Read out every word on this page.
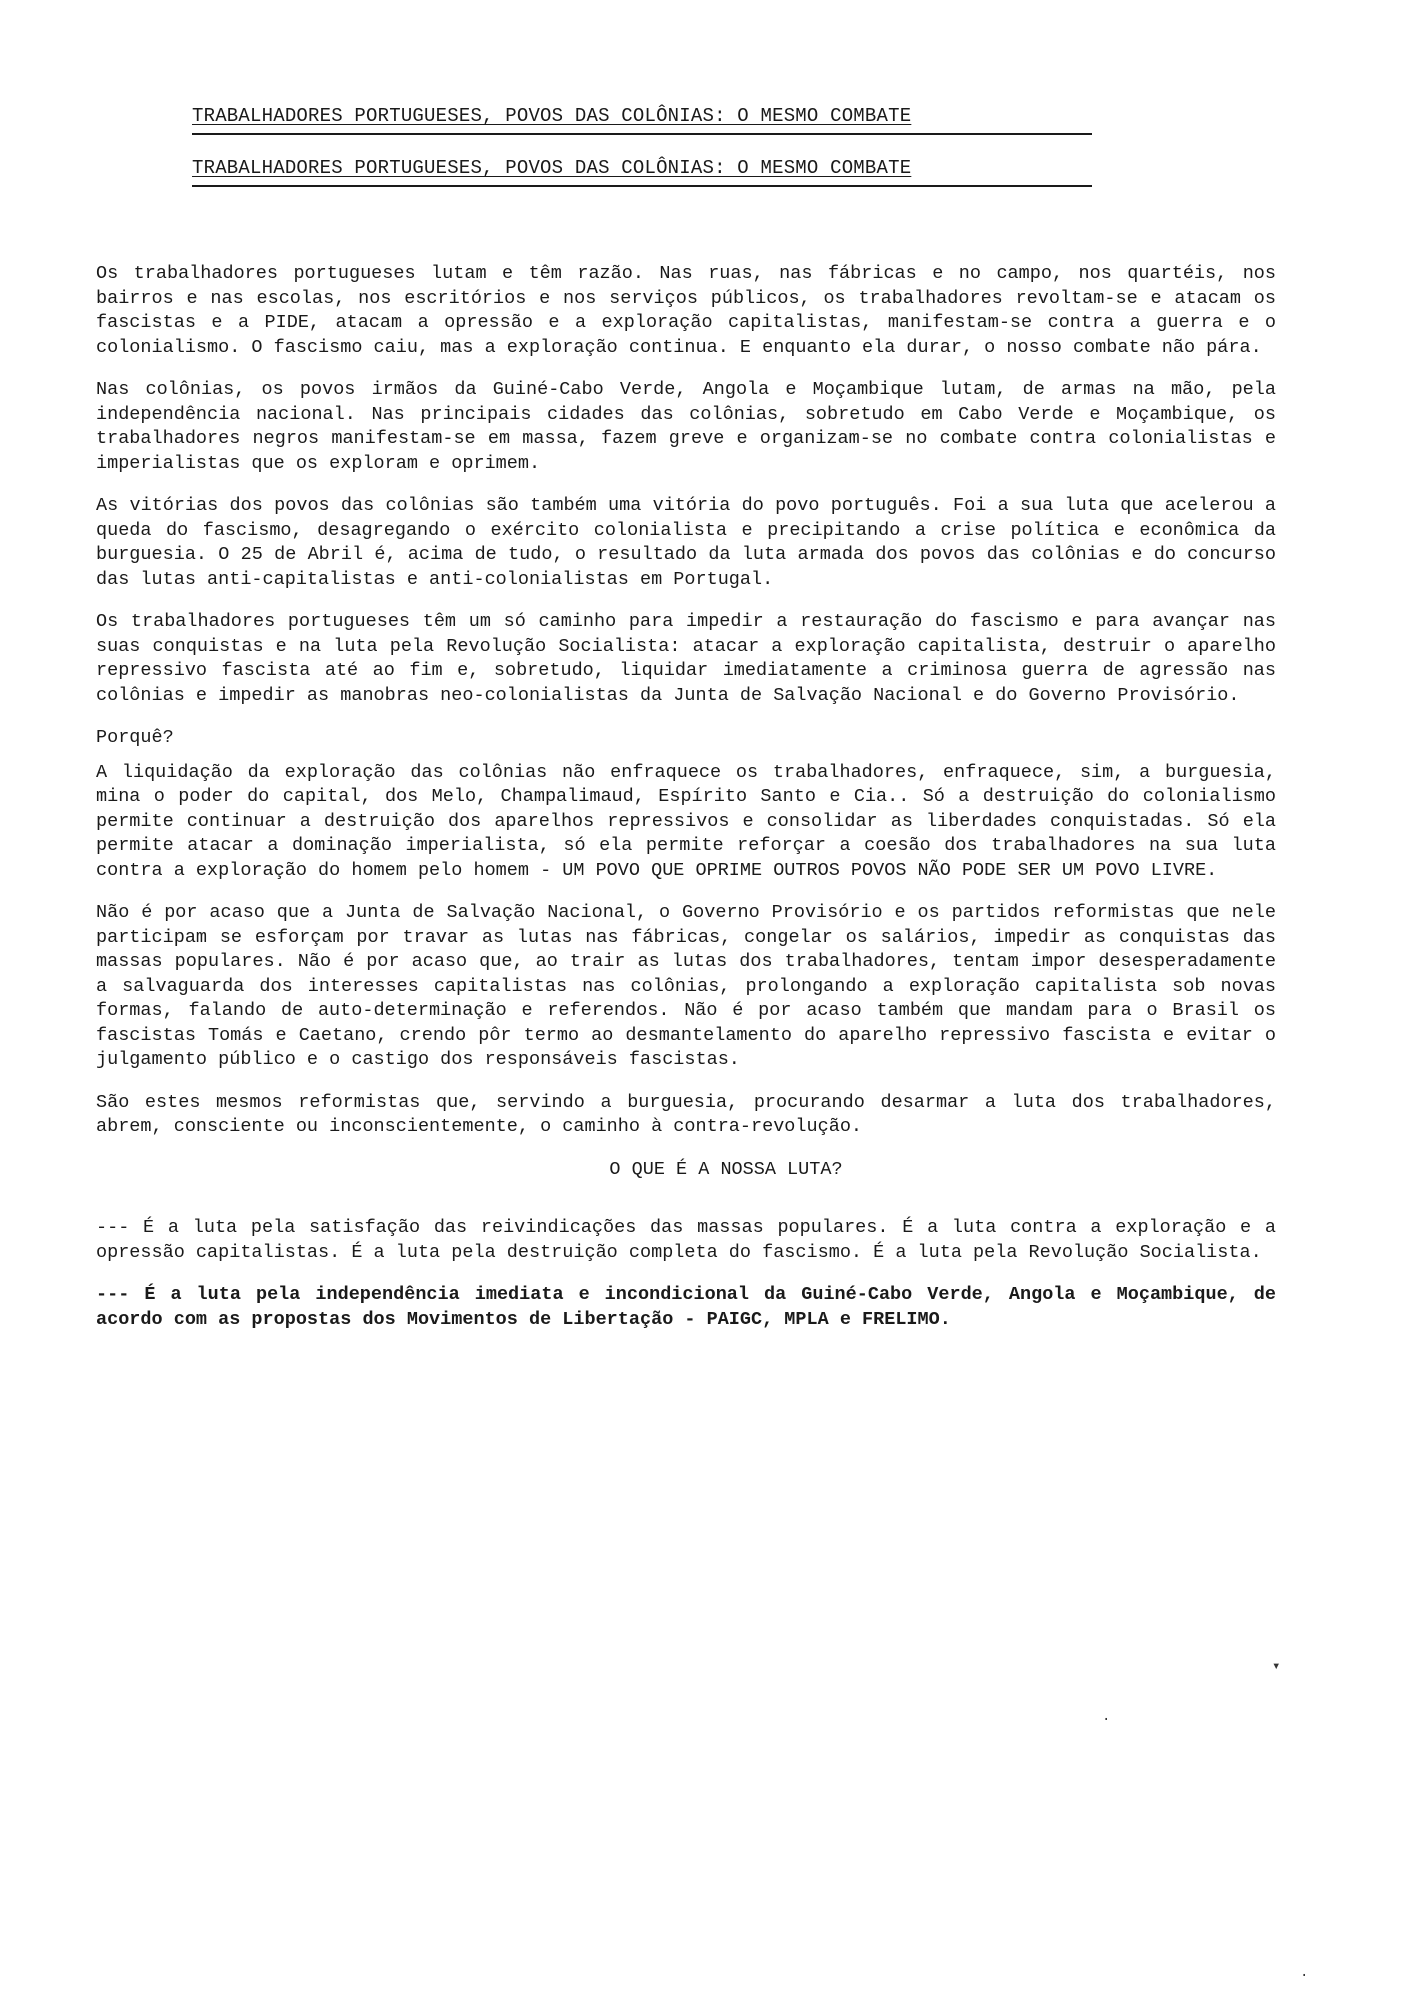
TRABALHADORES PORTUGUESES, POVOS DAS COLÔNIAS: O MESMO COMBATE
TRABALHADORES PORTUGUESES, POVOS DAS COLÔNIAS: O MESMO COMBATE

Os trabalhadores portugueses lutam e têm razão. Nas ruas, nas fábricas e no campo, nos quartéis, nos bairros e nas escolas, nos escritórios e nos serviços públicos, os trabalhadores revoltam-se e atacam os fascistas e a PIDE, atacam a opressão e a exploração capitalistas, manifestam-se contra a guerra e o colonialismo. O fascismo caiu, mas a exploração continua. E enquanto ela durar, o nosso combate não pára.

Nas colônias, os povos irmãos da Guiné-Cabo Verde, Angola e Moçambique lutam, de armas na mão, pela independência nacional. Nas principais cidades das colônias, sobretudo em Cabo Verde e Moçambique, os trabalhadores negros manifestam-se em massa, fazem greve e organizam-se no combate contra colonialistas e imperialistas que os exploram e oprimem.

As vitórias dos povos das colônias são também uma vitória do povo português. Foi a sua luta que acelerou a queda do fascismo, desagregando o exército colonialista e precipitando a crise política e econômica da burguesia. O 25 de Abril é, acima de tudo, o resultado da luta armada dos povos das colônias e do concurso das lutas anti-capitalistas e anti-colonialistas em Portugal.

Os trabalhadores portugueses têm um só caminho para impedir a restauração do fascismo e para avançar nas suas conquistas e na luta pela Revolução Socialista: atacar a exploração capitalista, destruir o aparelho repressivo fascista até ao fim e, sobretudo, liquidar imediatamente a criminosa guerra de agressão nas colônias e impedir as manobras neo-colonialistas da Junta de Salvação Nacional e do Governo Provisório.

Porquê?

A liquidação da exploração das colônias não enfraquece os trabalhadores, enfraquece, sim, a burguesia, mina o poder do capital, dos Melo, Champalimaud, Espírito Santo e Cia.. Só a destruição do colonialismo permite continuar a destruição dos aparelhos repressivos e consolidar as liberdades conquistadas. Só ela permite atacar a dominação imperialista, só ela permite reforçar a coesão dos trabalhadores na sua luta contra a exploração do homem pelo homem - UM POVO QUE OPRIME OUTROS POVOS NÃO PODE SER UM POVO LIVRE.

Não é por acaso que a Junta de Salvação Nacional, o Governo Provisório e os partidos reformistas que nele participam se esforçam por travar as lutas nas fábricas, congelar os salários, impedir as conquistas das massas populares. Não é por acaso que, ao trair as lutas dos trabalhadores, tentam impor desesperadamente a salvaguarda dos interesses capitalistas nas colônias, prolongando a exploração capitalista sob novas formas, falando de auto-determinação e referendos. Não é por acaso também que mandam para o Brasil os fascistas Tomás e Caetano, crendo pôr termo ao desmantelamento do aparelho repressivo fascista e evitar o julgamento público e o castigo dos responsáveis fascistas.

São estes mesmos reformistas que, servindo a burguesia, procurando desarmar a luta dos trabalhadores, abrem, consciente ou inconscientemente, o caminho à contra-revolução.

O QUE É A NOSSA LUTA?

--- É a luta pela satisfação das reivindicações das massas populares. É a luta contra a exploração e a opressão capitalistas. É a luta pela destruição completa do fascismo. É a luta pela Revolução Socialista.

--- É a luta pela independência imediata e incondicional da Guiné-Cabo Verde, Angola e Moçambique, de acordo com as propostas dos Movimentos de Libertação - PAIGC, MPLA e FRELIMO.

▾
·
·
